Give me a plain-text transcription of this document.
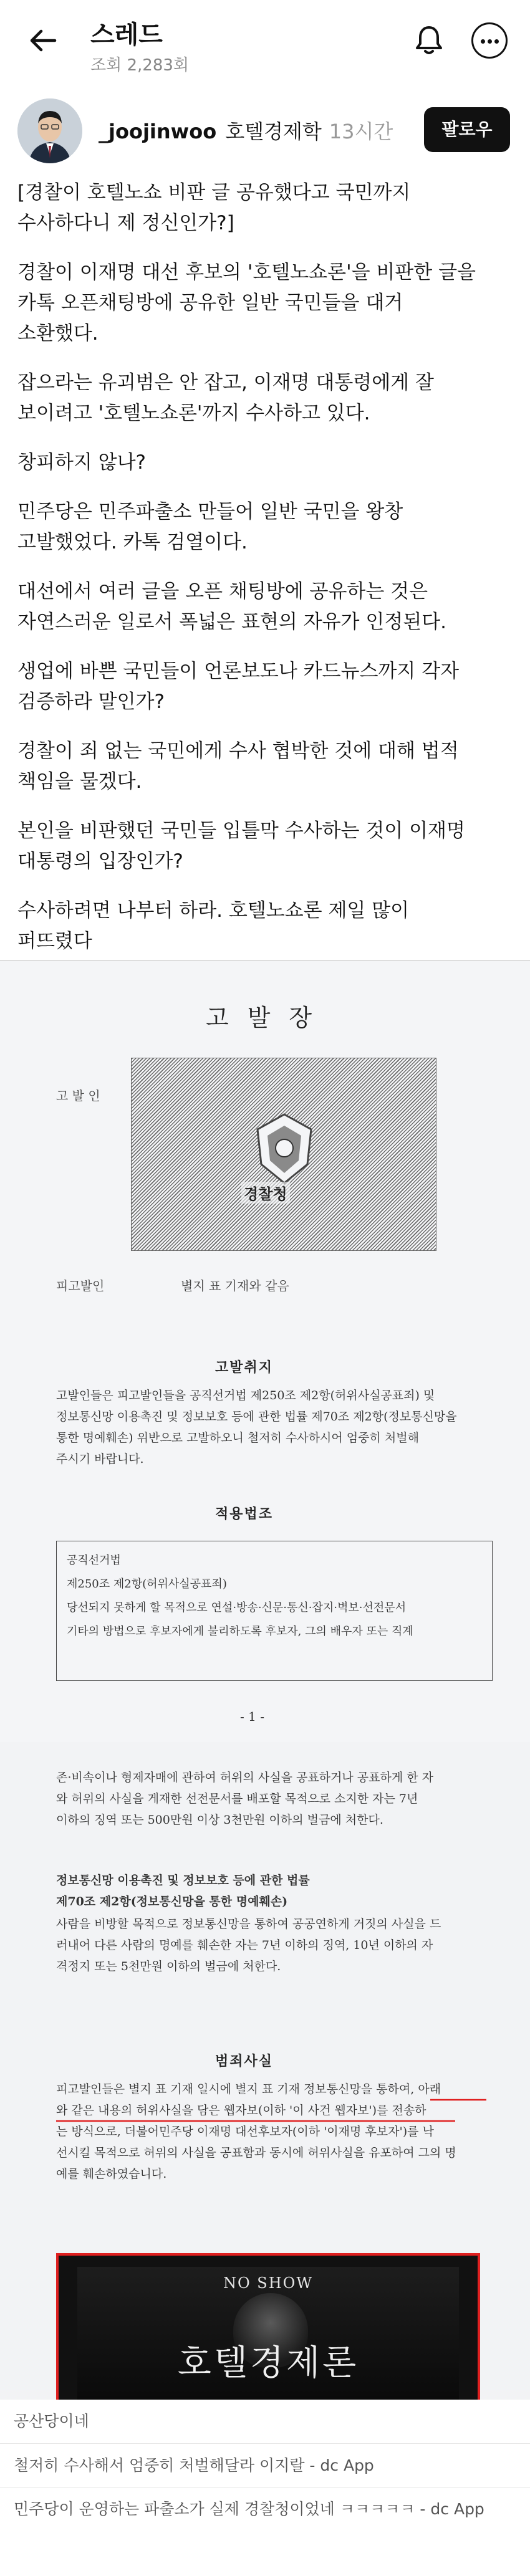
스레드
조회 2,283회
_joojinwoo 호텔경제학 13시간	팔로우

[경찰이 호텔노쇼 비판 글 공유했다고 국민까지
수사하다니 제 정신인가?]

경찰이 이재명 대선 후보의 '호텔노쇼론'을 비판한 글을
카톡 오픈채팅방에 공유한 일반 국민들을 대거
소환했다.

잡으라는 유괴범은 안 잡고, 이재명 대통령에게 잘
보이려고 '호텔노쇼론'까지 수사하고 있다.

창피하지 않나?

민주당은 민주파출소 만들어 일반 국민을 왕창
고발했었다. 카톡 검열이다.

대선에서 여러 글을 오픈 채팅방에 공유하는 것은
자연스러운 일로서 폭넓은 표현의 자유가 인정된다.

생업에 바쁜 국민들이 언론보도나 카드뉴스까지 각자
검증하라 말인가?

경찰이 죄 없는 국민에게 수사 협박한 것에 대해 법적
책임을 물겠다.

본인을 비판했던 국민들 입틀막 수사하는 것이 이재명
대통령의 입장인가?

수사하려면 나부터 하라. 호텔노쇼론 제일 많이
퍼뜨렸다

고발장
고 발 인
경찰청
피고발인	별지 표 기재와 같음
고발취지
고발인들은 피고발인들을 공직선거법 제250조 제2항(허위사실공표죄) 및
정보통신망 이용촉진 및 정보보호 등에 관한 법률 제70조 제2항(정보통신망을
통한 명예훼손) 위반으로 고발하오니 철저히 수사하시어 엄중히 처벌해
주시기 바랍니다.
적용법조
공직선거법
제250조 제2항(허위사실공표죄)
당선되지 못하게 할 목적으로 연설·방송·신문·통신·잡지·벽보·선전문서
기타의 방법으로 후보자에게 불리하도록 후보자, 그의 배우자 또는 직계
- 1 -
존·비속이나 형제자매에 관하여 허위의 사실을 공표하거나 공표하게 한 자
와 허위의 사실을 게재한 선전문서를 배포할 목적으로 소지한 자는 7년
이하의 징역 또는 500만원 이상 3천만원 이하의 벌금에 처한다.
정보통신망 이용촉진 및 정보보호 등에 관한 법률
제70조 제2항(정보통신망을 통한 명예훼손)
사람을 비방할 목적으로 정보통신망을 통하여 공공연하게 거짓의 사실을 드
러내어 다른 사람의 명예를 훼손한 자는 7년 이하의 징역, 10년 이하의 자
격정지 또는 5천만원 이하의 벌금에 처한다.
범죄사실
피고발인들은 별지 표 기재 일시에 별지 표 기재 정보통신망을 통하여, 아래
와 같은 내용의 허위사실을 담은 웹자보(이하 '이 사건 웹자보')를 전송하
는 방식으로, 더불어민주당 이재명 대선후보자(이하 '이재명 후보자')를 낙
선시킬 목적으로 허위의 사실을 공표함과 동시에 허위사실을 유포하여 그의 명
예를 훼손하였습니다.
NO SHOW
호텔경제론
공산당이네
철저히 수사해서 엄중히 처벌해달라 이지랄 - dc App
민주당이 운영하는 파출소가 실제 경찰청이었네 ㅋㅋㅋㅋㅋ - dc App
